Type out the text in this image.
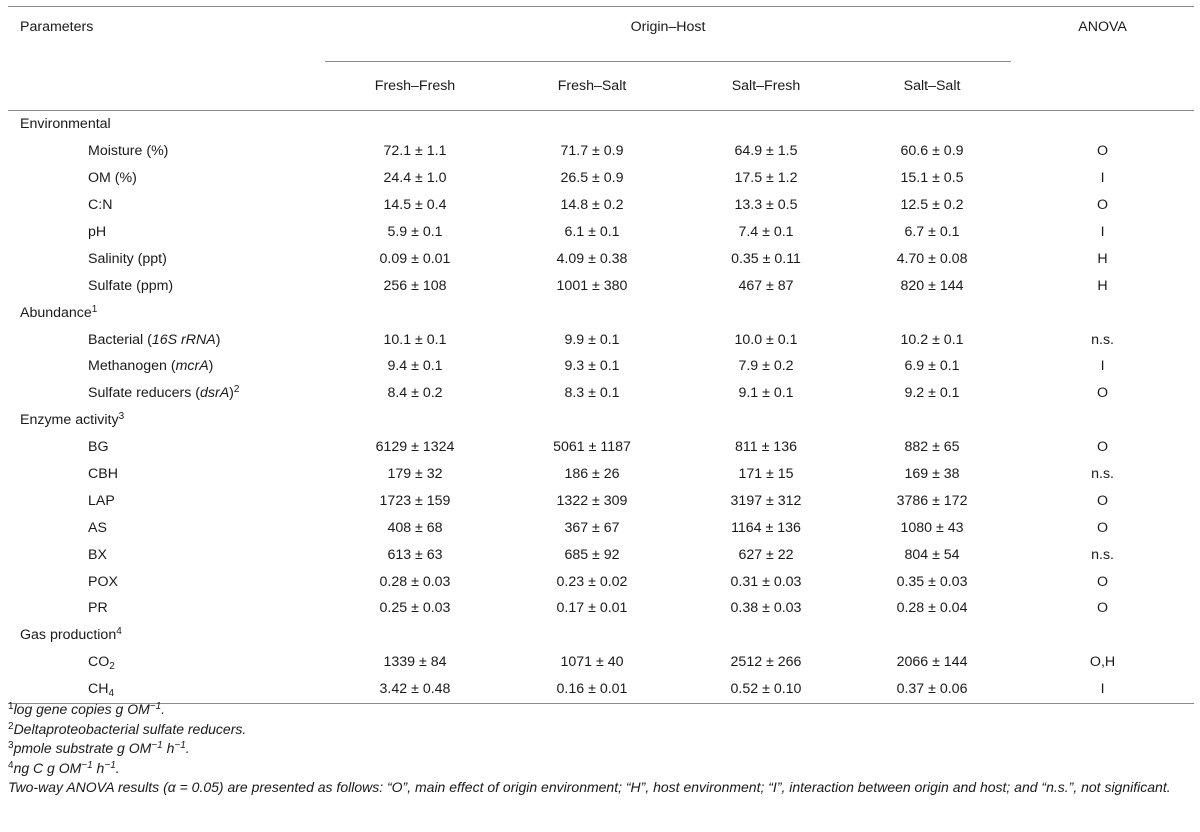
Parameters	Origin–Host				ANOVA
	Fresh–Fresh	Fresh–Salt	Salt–Fresh	Salt–Salt	
Environmental					
Moisture (%)	72.1 ± 1.1	71.7 ± 0.9	64.9 ± 1.5	60.6 ± 0.9	O
OM (%)	24.4 ± 1.0	26.5 ± 0.9	17.5 ± 1.2	15.1 ± 0.5	I
C:N	14.5 ± 0.4	14.8 ± 0.2	13.3 ± 0.5	12.5 ± 0.2	O
pH	5.9 ± 0.1	6.1 ± 0.1	7.4 ± 0.1	6.7 ± 0.1	I
Salinity (ppt)	0.09 ± 0.01	4.09 ± 0.38	0.35 ± 0.11	4.70 ± 0.08	H
Sulfate (ppm)	256 ± 108	1001 ± 380	467 ± 87	820 ± 144	H
Abundance$^1$
Bacterial (16S rRNA)	10.1 ± 0.1	9.9 ± 0.1	10.0 ± 0.1	10.2 ± 0.1	n.s.
Methanogen (mcrA)	9.4 ± 0.1	9.3 ± 0.1	7.9 ± 0.2	6.9 ± 0.1	I
Sulfate reducers (dsrA)$^2$	8.4 ± 0.2	8.3 ± 0.1	9.1 ± 0.1	9.2 ± 0.1	O
Enzyme activity$^3$
BG	6129 ± 1324	5061 ± 1187	811 ± 136	882 ± 65	O
CBH	179 ± 32	186 ± 26	171 ± 15	169 ± 38	n.s.
LAP	1723 ± 159	1322 ± 309	3197 ± 312	3786 ± 172	O
AS	408 ± 68	367 ± 67	1164 ± 136	1080 ± 43	O
BX	613 ± 63	685 ± 92	627 ± 22	804 ± 54	n.s.
POX	0.28 ± 0.03	0.23 ± 0.02	0.31 ± 0.03	0.35 ± 0.03	O
PR	0.25 ± 0.03	0.17 ± 0.01	0.38 ± 0.03	0.28 ± 0.04	O
Gas production$^4$
$CO_2$	1339 ± 84	1071 ± 40	2512 ± 266	2066 ± 144	O,H
$CH_4$	3.42 ± 0.48	0.16 ± 0.01	0.52 ± 0.10	0.37 ± 0.06	I
$^1$log gene copies g $OM^{-1}$.
$^2$Deltaproteobacterial sulfate reducers.
$^3$pmole substrate g $OM^{-1}$ $h^{-1}$.
$^4$ng C g $OM^{-1}$ $h^{-1}$.
Two-way ANOVA results (α = 0.05) are presented as follows: “O”, main effect of origin environment; “H”, host environment; “I”, interaction between origin and host; and “n.s.”, not significant.
